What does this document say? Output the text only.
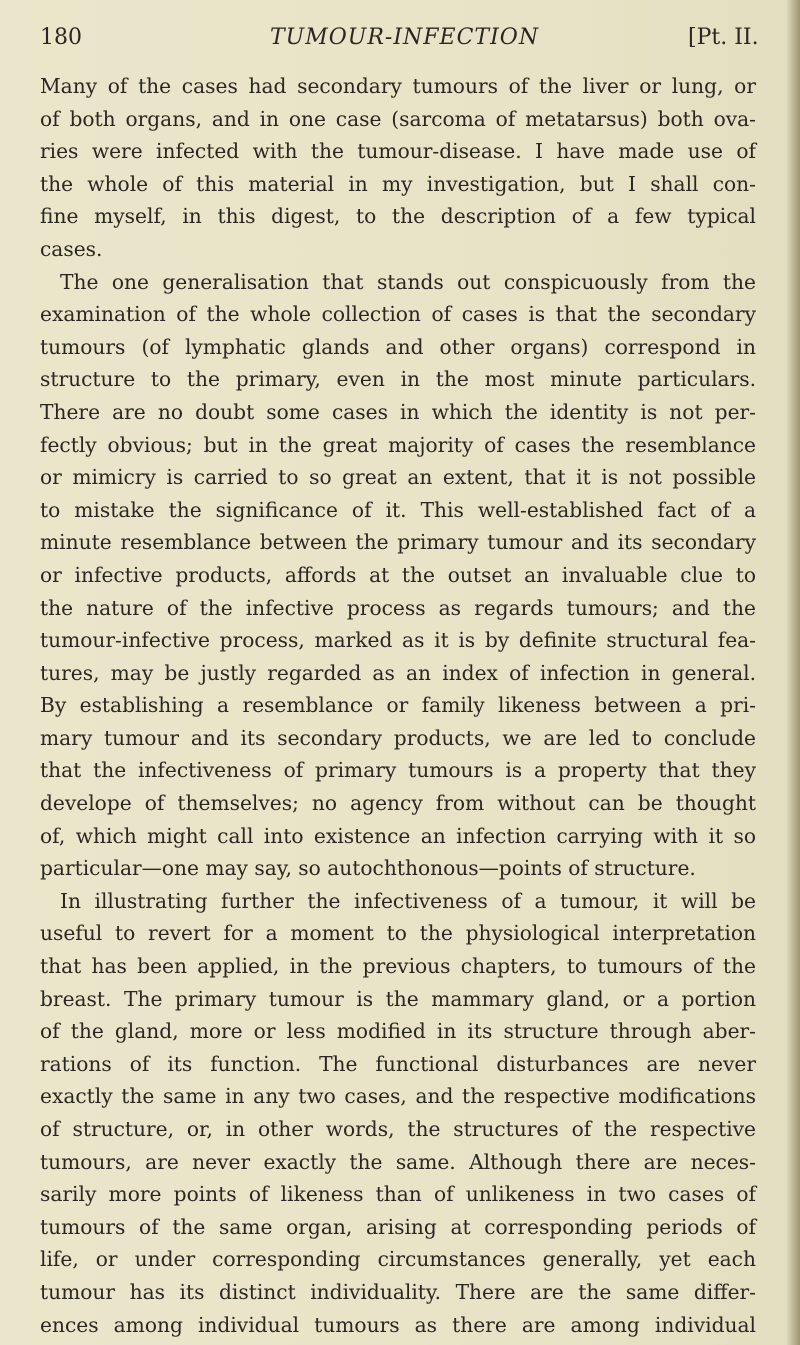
180	TUMOUR-INFECTION	[Pt. II.
Many of the cases had secondary tumours of the liver or lung, or
of both organs, and in one case (sarcoma of metatarsus) both ova-
ries were infected with the tumour-disease. I have made use of
the whole of this material in my investigation, but I shall con-
fine myself, in this digest, to the description of a few typical
cases.
The one generalisation that stands out conspicuously from the
examination of the whole collection of cases is that the secondary
tumours (of lymphatic glands and other organs) correspond in
structure to the primary, even in the most minute particulars.
There are no doubt some cases in which the identity is not per-
fectly obvious; but in the great majority of cases the resemblance
or mimicry is carried to so great an extent, that it is not possible
to mistake the significance of it. This well-established fact of a
minute resemblance between the primary tumour and its secondary
or infective products, affords at the outset an invaluable clue to
the nature of the infective process as regards tumours; and the
tumour-infective process, marked as it is by definite structural fea-
tures, may be justly regarded as an index of infection in general.
By establishing a resemblance or family likeness between a pri-
mary tumour and its secondary products, we are led to conclude
that the infectiveness of primary tumours is a property that they
develope of themselves; no agency from without can be thought
of, which might call into existence an infection carrying with it so
particular—one may say, so autochthonous—points of structure.
In illustrating further the infectiveness of a tumour, it will be
useful to revert for a moment to the physiological interpretation
that has been applied, in the previous chapters, to tumours of the
breast. The primary tumour is the mammary gland, or a portion
of the gland, more or less modified in its structure through aber-
rations of its function. The functional disturbances are never
exactly the same in any two cases, and the respective modifications
of structure, or, in other words, the structures of the respective
tumours, are never exactly the same. Although there are neces-
sarily more points of likeness than of unlikeness in two cases of
tumours of the same organ, arising at corresponding periods of
life, or under corresponding circumstances generally, yet each
tumour has its distinct individuality. There are the same differ-
ences among individual tumours as there are among individual
